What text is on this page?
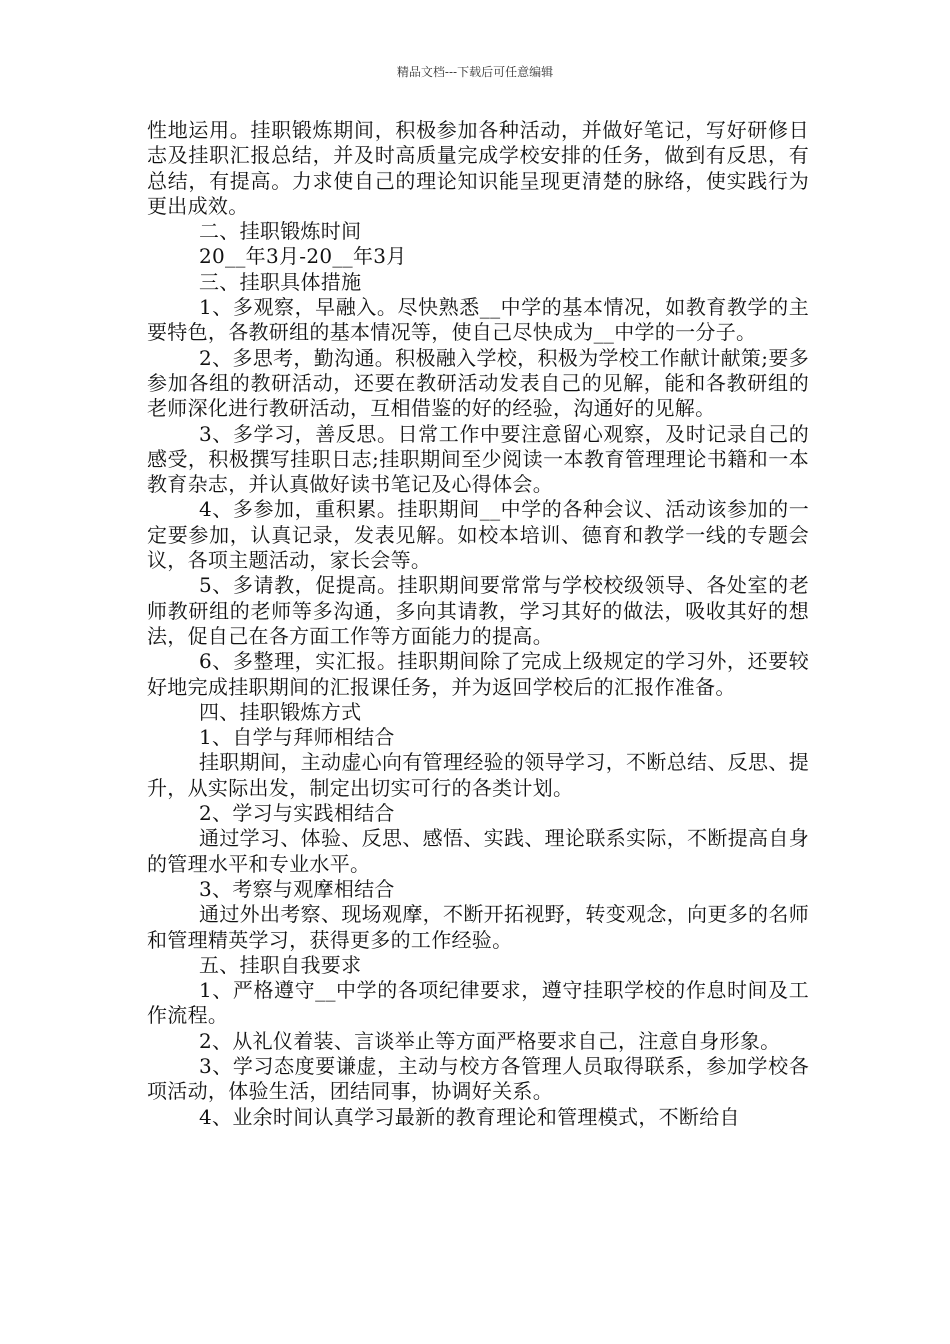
精品文档---下载后可任意编辑

性地运用。挂职锻炼期间，积极参加各种活动，并做好笔记，写好研修日志及挂职汇报总结，并及时高质量完成学校安排的任务，做到有反思，有总结，有提高。力求使自己的理论知识能呈现更清楚的脉络，使实践行为更出成效。

二、挂职锻炼时间

20__年3月-20__年3月

三、挂职具体措施

1、多观察，早融入。尽快熟悉__中学的基本情况，如教育教学的主要特色，各教研组的基本情况等，使自己尽快成为__中学的一分子。

2、多思考，勤沟通。积极融入学校，积极为学校工作献计献策;要多参加各组的教研活动，还要在教研活动发表自己的见解，能和各教研组的老师深化进行教研活动，互相借鉴的好的经验，沟通好的见解。

3、多学习，善反思。日常工作中要注意留心观察，及时记录自己的感受，积极撰写挂职日志;挂职期间至少阅读一本教育管理理论书籍和一本教育杂志，并认真做好读书笔记及心得体会。

4、多参加，重积累。挂职期间__中学的各种会议、活动该参加的一定要参加，认真记录，发表见解。如校本培训、德育和教学一线的专题会议，各项主题活动，家长会等。

5、多请教，促提高。挂职期间要常常与学校校级领导、各处室的老师教研组的老师等多沟通，多向其请教，学习其好的做法，吸收其好的想法，促自己在各方面工作等方面能力的提高。

6、多整理，实汇报。挂职期间除了完成上级规定的学习外，还要较好地完成挂职期间的汇报课任务，并为返回学校后的汇报作准备。

四、挂职锻炼方式

1、自学与拜师相结合

挂职期间，主动虚心向有管理经验的领导学习，不断总结、反思、提升，从实际出发，制定出切实可行的各类计划。

2、学习与实践相结合

通过学习、体验、反思、感悟、实践、理论联系实际，不断提高自身的管理水平和专业水平。

3、考察与观摩相结合

通过外出考察、现场观摩，不断开拓视野，转变观念，向更多的名师和管理精英学习，获得更多的工作经验。

五、挂职自我要求

1、严格遵守__中学的各项纪律要求，遵守挂职学校的作息时间及工作流程。

2、从礼仪着装、言谈举止等方面严格要求自己，注意自身形象。

3、学习态度要谦虚，主动与校方各管理人员取得联系，参加学校各项活动，体验生活，团结同事，协调好关系。

4、业余时间认真学习最新的教育理论和管理模式，不断给自
